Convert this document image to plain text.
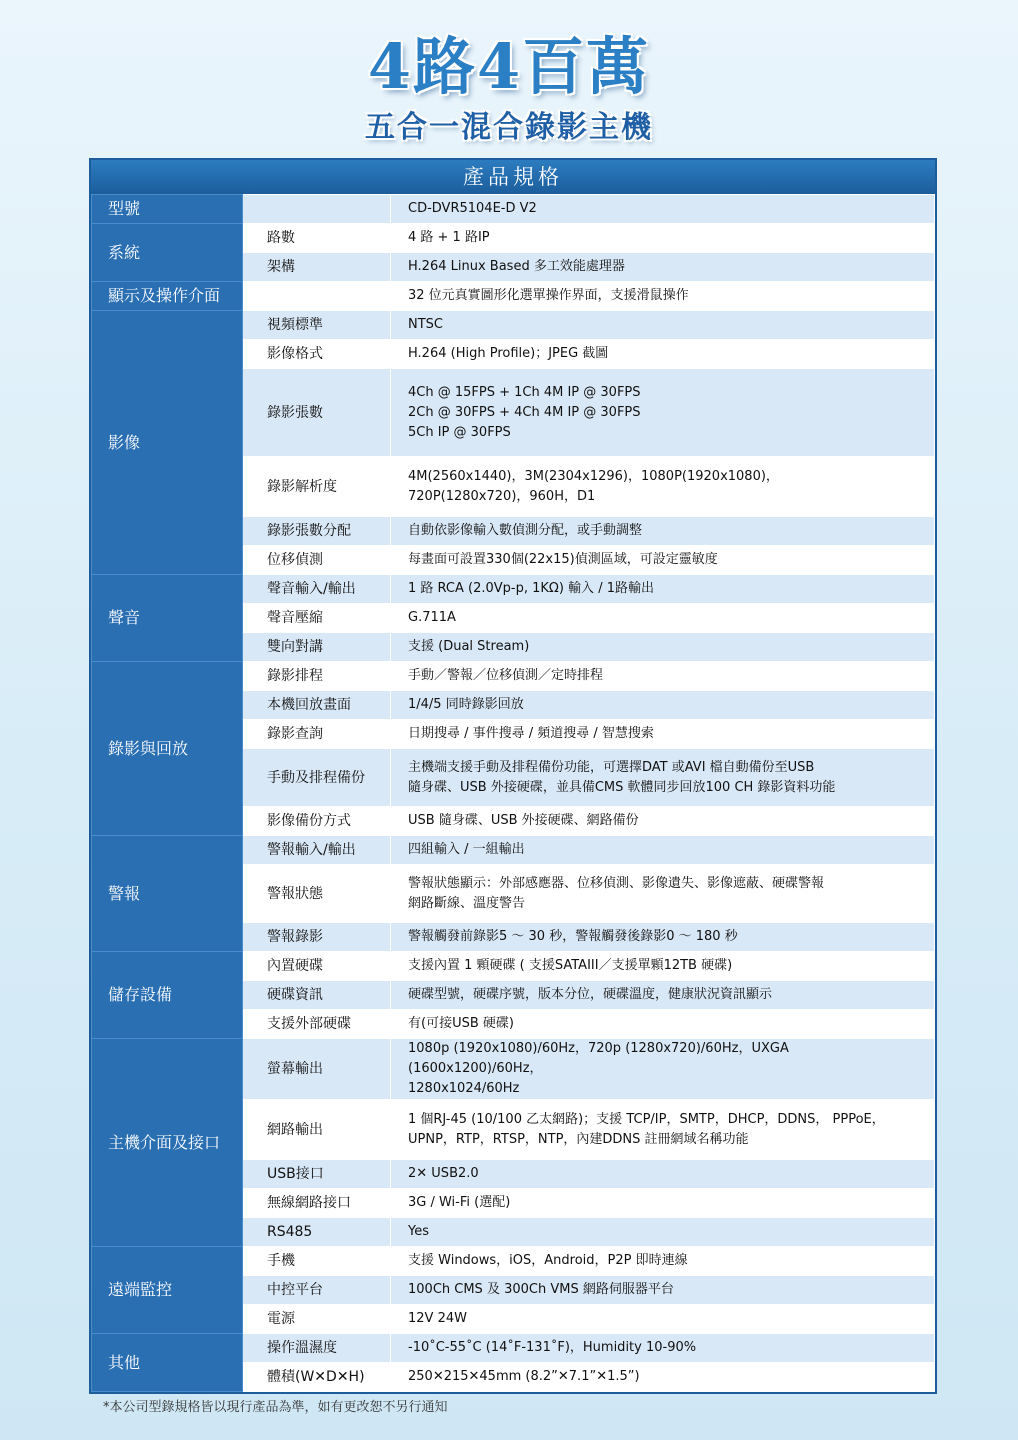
4路4百萬
五合一混合錄影主機
產品規格
型號		CD-DVR5104E-D V2

系統	路數	4 路 + 1 路IP

	架構	H.264 Linux Based 多工效能處理器

顯示及操作介面		32 位元真實圖形化選單操作界面，支援滑鼠操作

影像	視頻標準	NTSC

	影像格式	H.264 (High Profile)；JPEG 截圖

	錄影張數	4Ch @ 15FPS + 1Ch 4M IP @ 30FPS
2Ch @ 30FPS + 4Ch 4M IP @ 30FPS
5Ch IP @ 30FPS

	錄影解析度	4M(2560x1440)，3M(2304x1296)，1080P(1920x1080)，
720P(1280x720)，960H，D1

	錄影張數分配	自動依影像輸入數偵測分配，或手動調整

	位移偵測	每畫面可設置330個(22x15)偵測區域，可設定靈敏度

聲音	聲音輸入/輸出	1 路 RCA (2.0Vp-p, 1KΩ) 輸入 / 1路輸出

	聲音壓縮	G.711A

	雙向對講	支援 (Dual Stream)

錄影與回放	錄影排程	手動／警報／位移偵測／定時排程

	本機回放畫面	1/4/5 同時錄影回放

	錄影查詢	日期搜尋 / 事件搜尋 / 頻道搜尋 / 智慧搜索

	手動及排程備份	主機端支援手動及排程備份功能，可選擇DAT 或AVI 檔自動備份至USB
隨身碟、USB 外接硬碟，並具備CMS 軟體同步回放100 CH 錄影資料功能

	影像備份方式	USB 隨身碟、USB 外接硬碟、網路備份

警報	警報輸入/輸出	四組輸入 / 一組輸出

	警報狀態	警報狀態顯示：外部感應器、位移偵測、影像遺失、影像遮蔽、硬碟警報
網路斷線、溫度警告

	警報錄影	警報觸發前錄影5 ～ 30 秒，警報觸發後錄影0 ～ 180 秒

儲存設備	內置硬碟	支援內置 1 顆硬碟 ( 支援SATAIII／支援單顆12TB 硬碟)

	硬碟資訊	硬碟型號，硬碟序號，版本分位，硬碟溫度，健康狀況資訊顯示

	支援外部硬碟	有(可接USB 硬碟)

主機介面及接口	螢幕輸出	1080p (1920x1080)/60Hz，720p (1280x720)/60Hz，UXGA (1600x1200)/60Hz，
1280x1024/60Hz

	網路輸出	1 個RJ-45 (10/100 乙太網路)；支援 TCP/IP，SMTP，DHCP，DDNS， PPPoE，
UPNP，RTP，RTSP，NTP，內建DDNS 註冊網域名稱功能

	USB接口	2✕ USB2.0

	無線網路接口	3G / Wi-Fi (選配)

	RS485	Yes

遠端監控	手機	支援 Windows，iOS，Android，P2P 即時連線

	中控平台	100Ch CMS 及 300Ch VMS 網路伺服器平台

	電源	12V 24W

其他	操作溫濕度	-10˚C-55˚C (14˚F-131˚F)，Humidity 10-90%

	體積(W✕D✕H)	250✕215✕45mm (8.2”✕7.1”✕1.5”)
*本公司型錄規格皆以現行產品為準，如有更改恕不另行通知
